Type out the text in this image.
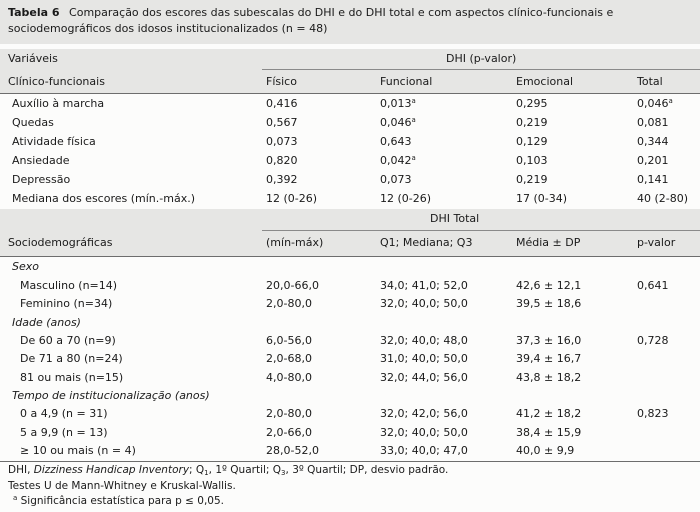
Tabela 6 Comparação dos escores das subescalas do DHI e do DHI total e com aspectos clínico-funcionais e sociodemográficos dos idosos institucionalizados (n = 48)
Variáveis	DHI (p-valor)
Clínico-funcionais	Físico	Funcional	Emocional	Total
Auxílio à marcha	0,416	0,013$^a$	0,295	0,046$^a$
Quedas	0,567	0,046$^a$	0,219	0,081
Atividade física	0,073	0,643	0,129	0,344
Ansiedade	0,820	0,042$^a$	0,103	0,201
Depressão	0,392	0,073	0,219	0,141
Mediana dos escores (mín.-máx.)	12 (0-26)	12 (0-26)	17 (0-34)	40 (2-80)
DHI Total
Sociodemográficas	(mín-máx)	Q1; Mediana; Q3	Média ± DP	p-valor
Sexo
Masculino (n=14)	20,0-66,0	34,0; 41,0; 52,0	42,6 ± 12,1	0,641
Feminino (n=34)	2,0-80,0	32,0; 40,0; 50,0	39,5 ± 18,6
Idade (anos)
De 60 a 70 (n=9)	6,0-56,0	32,0; 40,0; 48,0	37,3 ± 16,0	0,728
De 71 a 80 (n=24)	2,0-68,0	31,0; 40,0; 50,0	39,4 ± 16,7
81 ou mais (n=15)	4,0-80,0	32,0; 44,0; 56,0	43,8 ± 18,2
Tempo de institucionalização (anos)
0 a 4,9 (n = 31)	2,0-80,0	32,0; 42,0; 56,0	41,2 ± 18,2	0,823
5 a 9,9 (n = 13)	2,0-66,0	32,0; 40,0; 50,0	38,4 ± 15,9
≥ 10 ou mais (n = 4)	28,0-52,0	33,0; 40,0; 47,0	40,0 ± 9,9
DHI, Dizziness Handicap Inventory; $Q_1$, 1º Quartil; $Q_3$, 3º Quartil; DP, desvio padrão.
Testes U de Mann-Whitney e Kruskal-Wallis.
$^a$ Significância estatística para p ≤ 0,05.
